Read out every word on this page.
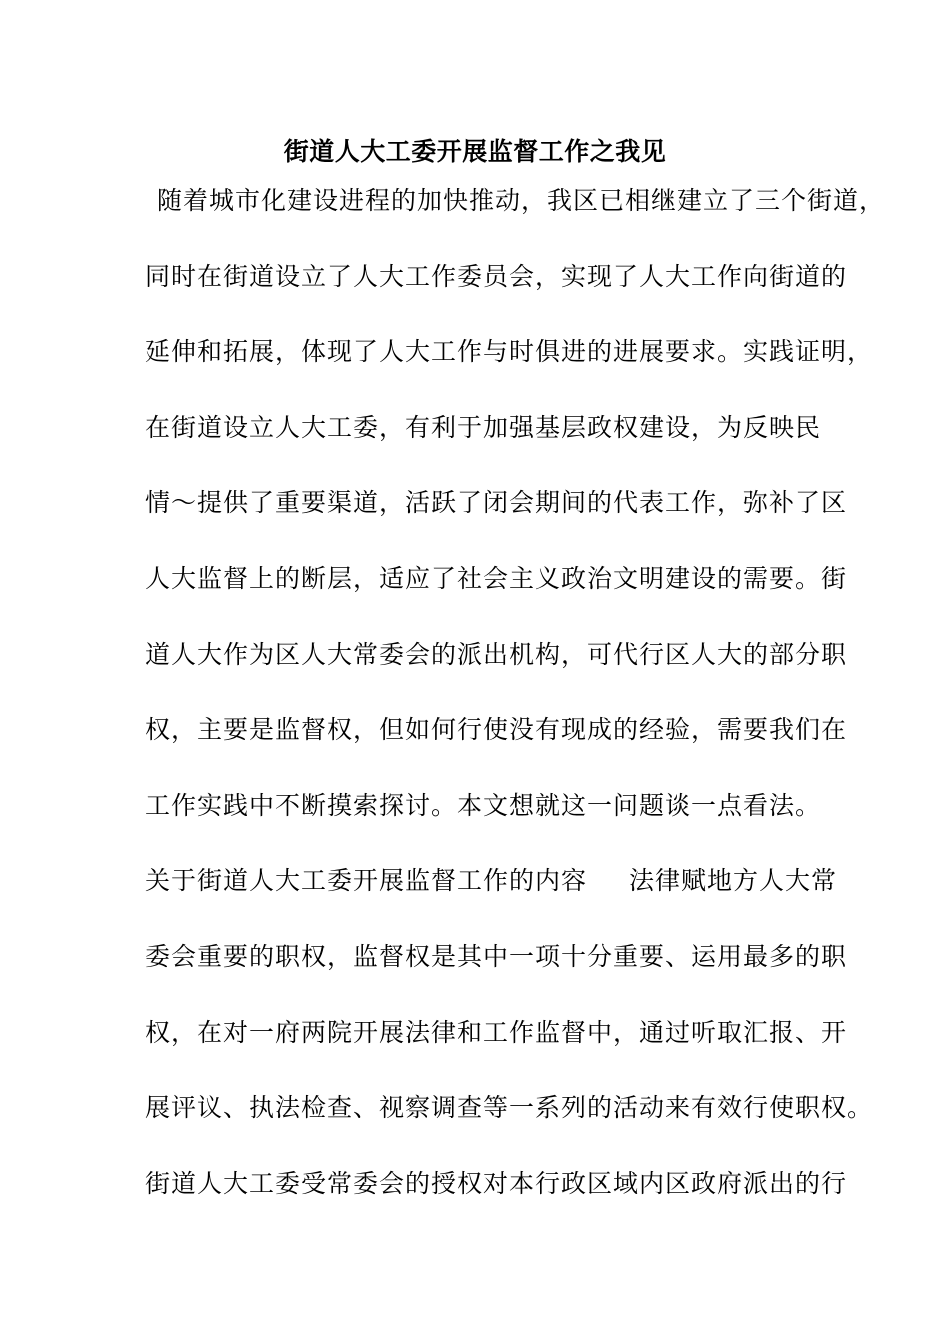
街道人大工委开展监督工作之我见
随着城市化建设进程的加快推动，我区已相继建立了三个街道，
同时在街道设立了人大工作委员会，实现了人大工作向街道的
延伸和拓展，体现了人大工作与时俱进的进展要求。实践证明，
在街道设立人大工委，有利于加强基层政权建设，为反映民
情～提供了重要渠道，活跃了闭会期间的代表工作，弥补了区
人大监督上的断层，适应了社会主义政治文明建设的需要。街
道人大作为区人大常委会的派出机构，可代行区人大的部分职
权，主要是监督权，但如何行使没有现成的经验，需要我们在
工作实践中不断摸索探讨。本文想就这一问题谈一点看法。
关于街道人大工委开展监督工作的内容 法律赋地方人大常
委会重要的职权，监督权是其中一项十分重要、运用最多的职
权，在对一府两院开展法律和工作监督中，通过听取汇报、开
展评议、执法检查、视察调查等一系列的活动来有效行使职权。
街道人大工委受常委会的授权对本行政区域内区政府派出的行
